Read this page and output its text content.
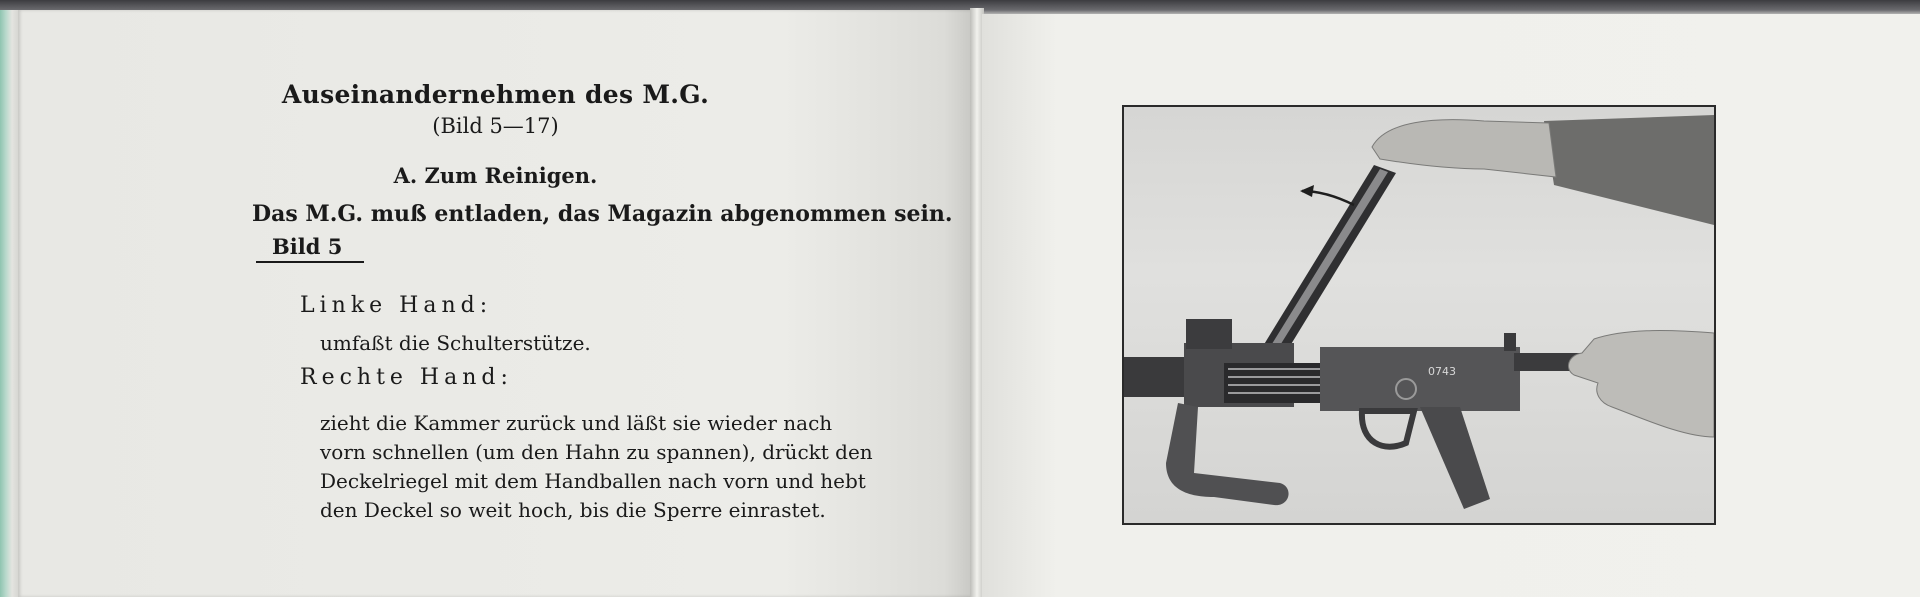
Auseinandernehmen des M.G.
(Bild 5—17)
A. Zum Reinigen.
Das M.G. muß entladen, das Magazin abgenommen sein.
Bild 5
Linke Hand:
umfaßt die Schulterstütze.
Rechte Hand:
zieht die Kammer zurück und läßt sie wieder nach
vorn schnellen (um den Hahn zu spannen), drückt den
Deckelriegel mit dem Handballen nach vorn und hebt
den Deckel so weit hoch, bis die Sperre einrastet.
0743
